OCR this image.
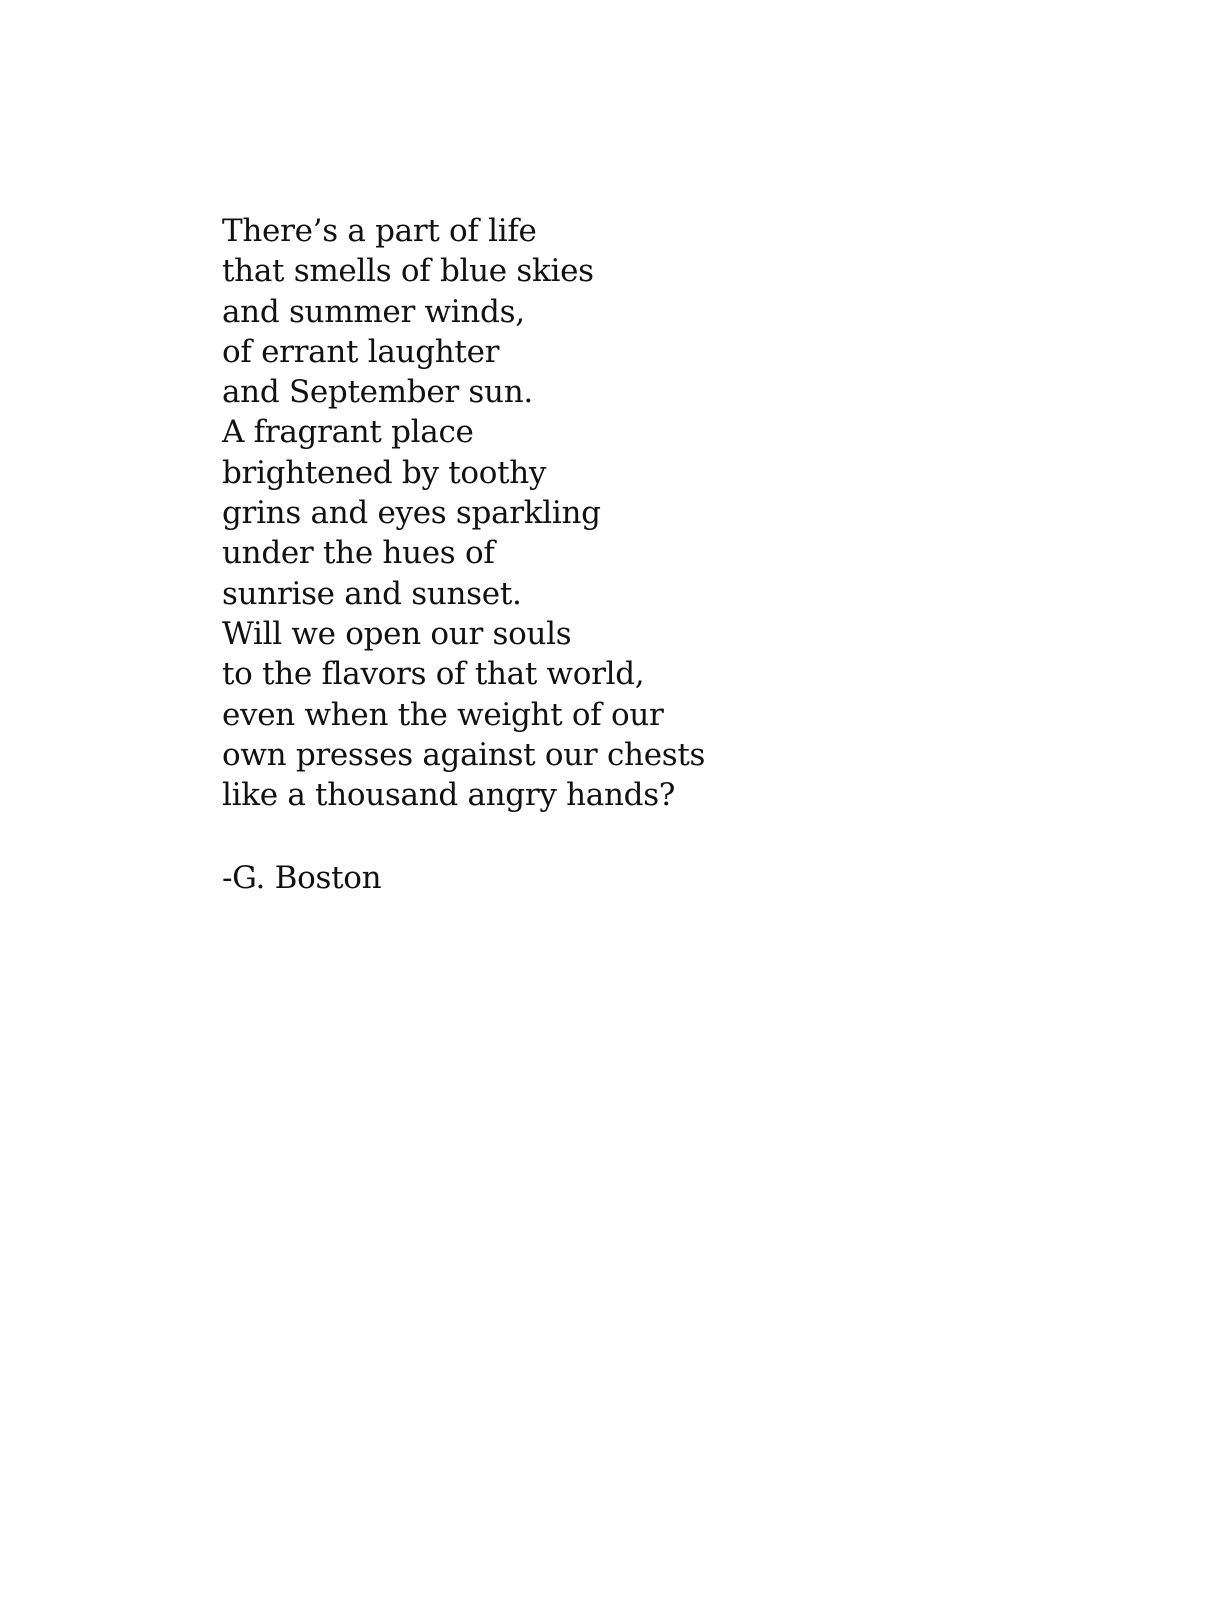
There’s a part of life
that smells of blue skies
and summer winds,
of errant laughter
and September sun.
A fragrant place
brightened by toothy
grins and eyes sparkling
under the hues of
sunrise and sunset.
Will we open our souls
to the flavors of that world,
even when the weight of our
own presses against our chests
like a thousand angry hands?
-G. Boston
